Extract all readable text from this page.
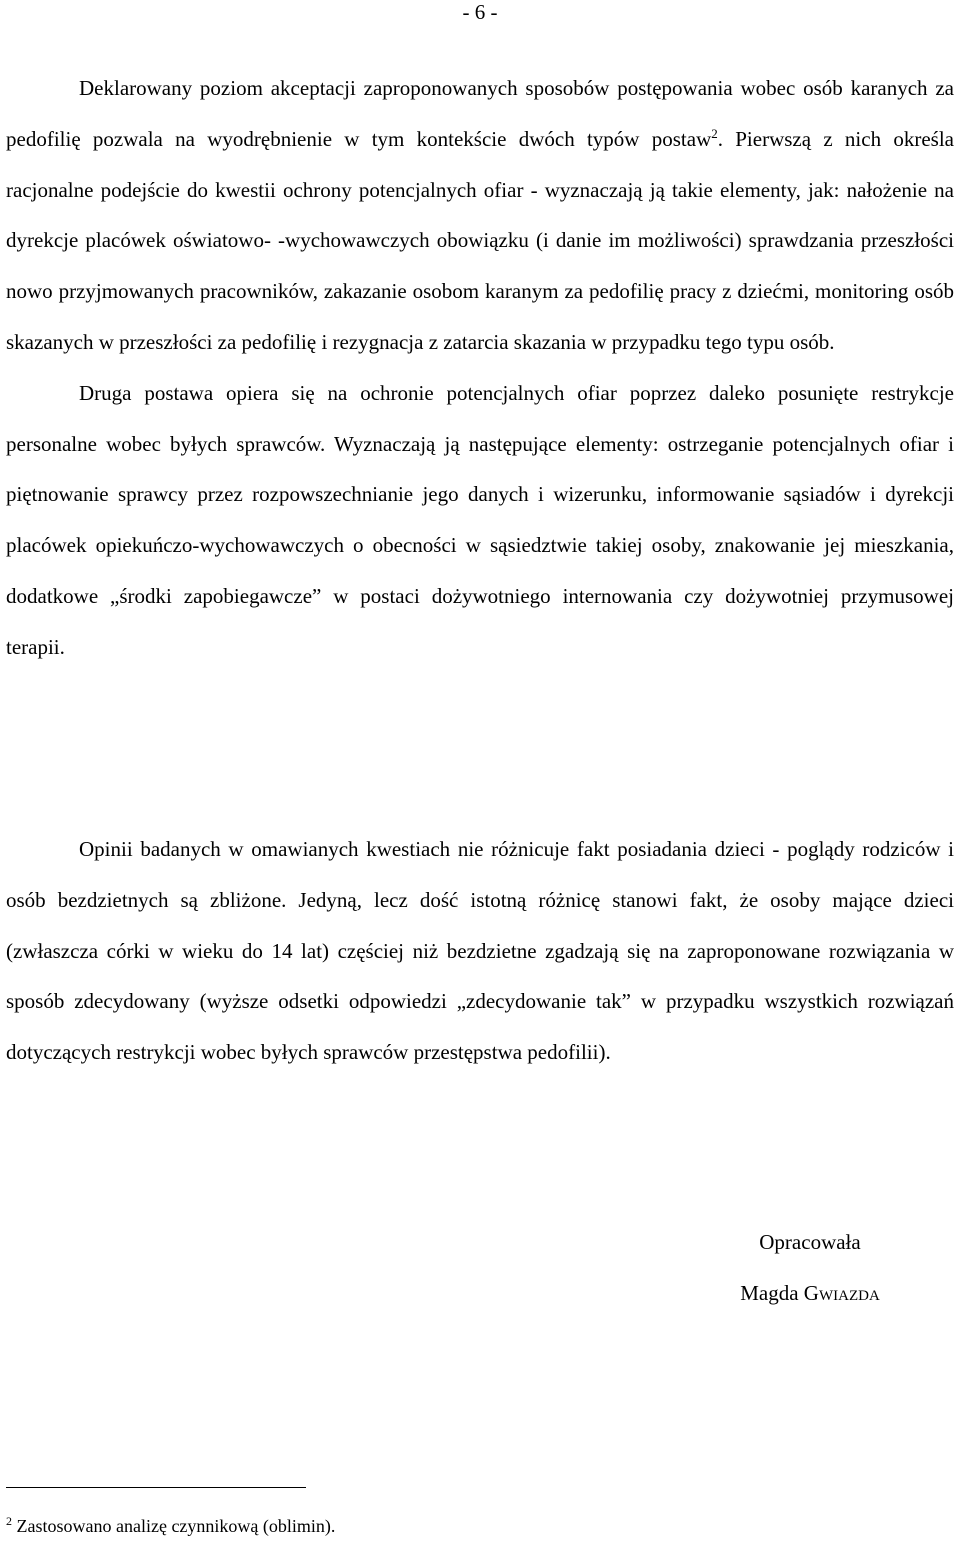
- 6 -

Deklarowany poziom akceptacji zaproponowanych sposobów postępowania wobec osób karanych za pedofilię pozwala na wyodrębnienie w tym kontekście dwóch typów postaw$^2$. Pierwszą z nich określa racjonalne podejście do kwestii ochrony potencjalnych ofiar - wyznaczają ją takie elementy, jak: nałożenie na dyrekcje placówek oświatowo- -wychowawczych obowiązku (i danie im możliwości) sprawdzania przeszłości nowo przyjmowanych pracowników, zakazanie osobom karanym za pedofilię pracy z dziećmi, monitoring osób skazanych w przeszłości za pedofilię i rezygnacja z zatarcia skazania w przypadku tego typu osób.

Druga postawa opiera się na ochronie potencjalnych ofiar poprzez daleko posunięte restrykcje personalne wobec byłych sprawców. Wyznaczają ją następujące elementy: ostrzeganie potencjalnych ofiar i piętnowanie sprawcy przez rozpowszechnianie jego danych i wizerunku, informowanie sąsiadów i dyrekcji placówek opiekuńczo-wychowawczych o obecności w sąsiedztwie takiej osoby, znakowanie jej mieszkania, dodatkowe „środki zapobiegawcze” w postaci dożywotniego internowania czy dożywotniej przymusowej terapii.

Opinii badanych w omawianych kwestiach nie różnicuje fakt posiadania dzieci - poglądy rodziców i osób bezdzietnych są zbliżone. Jedyną, lecz dość istotną różnicę stanowi fakt, że osoby mające dzieci (zwłaszcza córki w wieku do 14 lat) częściej niż bezdzietne zgadzają się na zaproponowane rozwiązania w sposób zdecydowany (wyższe odsetki odpowiedzi „zdecydowanie tak” w przypadku wszystkich rozwiązań dotyczących restrykcji wobec byłych sprawców przestępstwa pedofilii).

Opracowała
Magda Gwiazda
$^2$ Zastosowano analizę czynnikową (oblimin).
